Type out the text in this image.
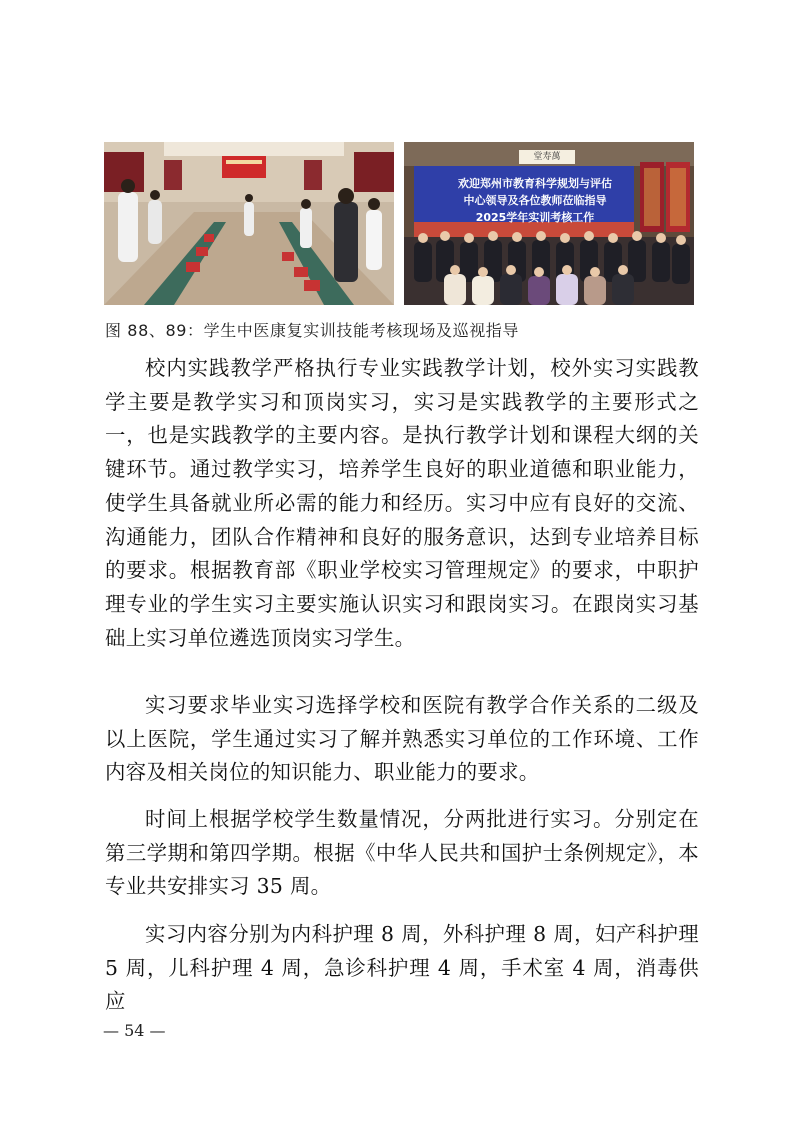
堂寿萬
欢迎郑州市教育科学规划与评估
中心领导及各位教师莅临指导
2025学年实训考核工作
图 88、89：学生中医康复实训技能考核现场及巡视指导

校内实践教学严格执行专业实践教学计划，校外实习实践教学主要是教学实习和顶岗实习，实习是实践教学的主要形式之一，也是实践教学的主要内容。是执行教学计划和课程大纲的关键环节。通过教学实习，培养学生良好的职业道德和职业能力，使学生具备就业所必需的能力和经历。实习中应有良好的交流、沟通能力，团队合作精神和良好的服务意识，达到专业培养目标的要求。根据教育部《职业学校实习管理规定》的要求，中职护理专业的学生实习主要实施认识实习和跟岗实习。在跟岗实习基础上实习单位遴选顶岗实习学生。

实习要求毕业实习选择学校和医院有教学合作关系的二级及以上医院，学生通过实习了解并熟悉实习单位的工作环境、工作内容及相关岗位的知识能力、职业能力的要求。

时间上根据学校学生数量情况，分两批进行实习。分别定在第三学期和第四学期。根据《中华人民共和国护士条例规定》，本专业共安排实习 35 周。

实习内容分别为内科护理 8 周，外科护理 8 周，妇产科护理 5 周，儿科护理 4 周，急诊科护理 4 周，手术室 4 周，消毒供应

— 54 —
